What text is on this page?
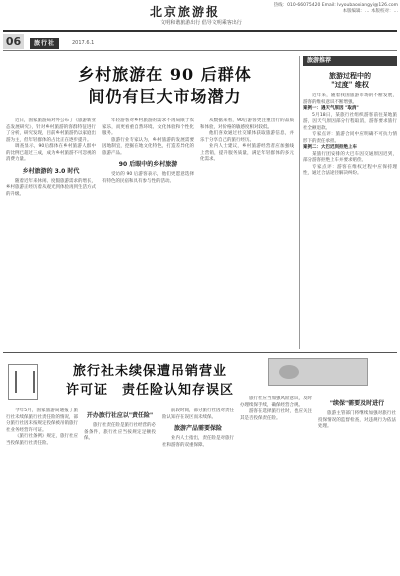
06	旅行社	2017.6.1
北京旅游报
文明和谐旅游出行 倡导文明乘客出行
热线：010-66075420 Email: lvyoubaoxiangyi@126.com
本版编辑：… 本版校对：…
乡村旅游在 90 后群体
间仍有巨大市场潜力

近日，国家旅游局对外公布了《旅游新业态发展研究》，针对乡村旅游的客群特征进行了分析，研究发现，目前乡村旅游仍以家庭出游为主，但年轻群体的占比正在逐步提升。

调查显示，90后群体在乡村旅游人群中的比例已超过三成，成为乡村旅游不可忽视的消费力量。

乡村旅游的 3.0 时代

随着近年来休闲、度假旅游需求的增长，乡村旅游正经历着从观光到体验再到生活方式的升级。

年轻游客对乡村旅游的需求不再局限于农家乐，而更看重自然环境、文化体验和个性化服务。

旅游行业专家认为，乡村旅游的发展需要因地制宜，挖掘在地文化特色，打造差异化的旅游产品。

90 后眼中的乡村旅游

受访的 90 后游客表示，他们更愿意选择有特色的民宿和具有参与性的活动。

从数据来看，90后游客更注重出行的品质和体验，对价格的敏感度相对较低。

他们喜欢通过社交媒体获取旅游信息，并乐于分享自己的旅行经历。

业内人士建议，乡村旅游经营者应加强线上营销，提升服务质量，满足年轻群体的多元化需求。

旅游推荐
旅游过程中的
"过度" 维权

近年来，随着我国旅游市场的不断发展，游客的维权意识不断增强。

案例一：遇天气原因 "取消"

5月18日，某旅行社组织游客前往某地旅游，因天气原因部分行程取消，游客要求旅行社全额退款。

专家点评：旅游合同中应明确不可抗力情形下的责任承担。

案例二：大巴迟到拒绝上车

某旅行团安排的大巴车因交通原因迟到，部分游客拒绝上车并要求赔偿。

专家点评：游客在维权过程中应保持理性，通过合法途径解决纠纷。

旅行社未续保遭吊销营业
许可证　责任险认知存误区

今年5月，国家旅游局通报了旅行社未续保旅行社责任险的情况，部分旅行社因未按规定投保被吊销旅行社业务经营许可证。

《旅行社条例》规定，旅行社应当投保旅行社责任险。

开办旅行社应以"责任险"

旅行社责任险是旅行社经营的必备条件，旅行社应当按规定足额投保。

前段时间，部分旅行社因对责任险认知存在误区而未续保。

旅游产品需要保险

业内人士指出，责任险是对旅行社和游客的双重保障。

旅行社应当加强风险意识，及时办理续保手续，确保经营合规。

游客在选择旅行社时，也应关注其是否投保责任险。

"续保"需要及时进行

旅游主管部门将继续加强对旅行社投保情况的监督检查，对违规行为依法处理。
